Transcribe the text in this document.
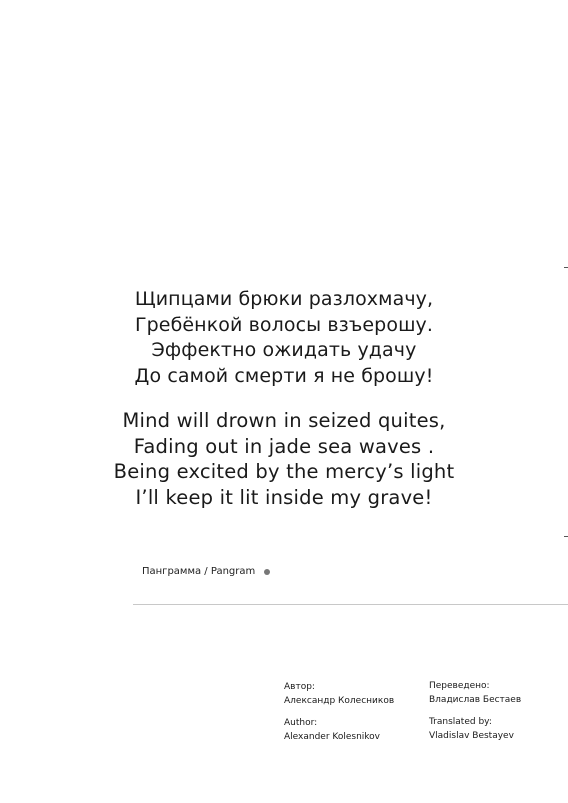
Щипцами брюки разлохмачу,
Гребёнкой волосы взъерошу.
Эффектно ожидать удачу
До самой смерти я не брошу!
Mind will drown in seized quites,
Fading out in jade sea waves .
Being excited by the mercy’s light
I’ll keep it lit inside my grave!
Панграмма / Pangram
Автор:
Александр Колесников
Переведено:
Владислав Бестаев
Author:
Alexander Kolesnikov
Translated by:
Vladislav Bestayev
